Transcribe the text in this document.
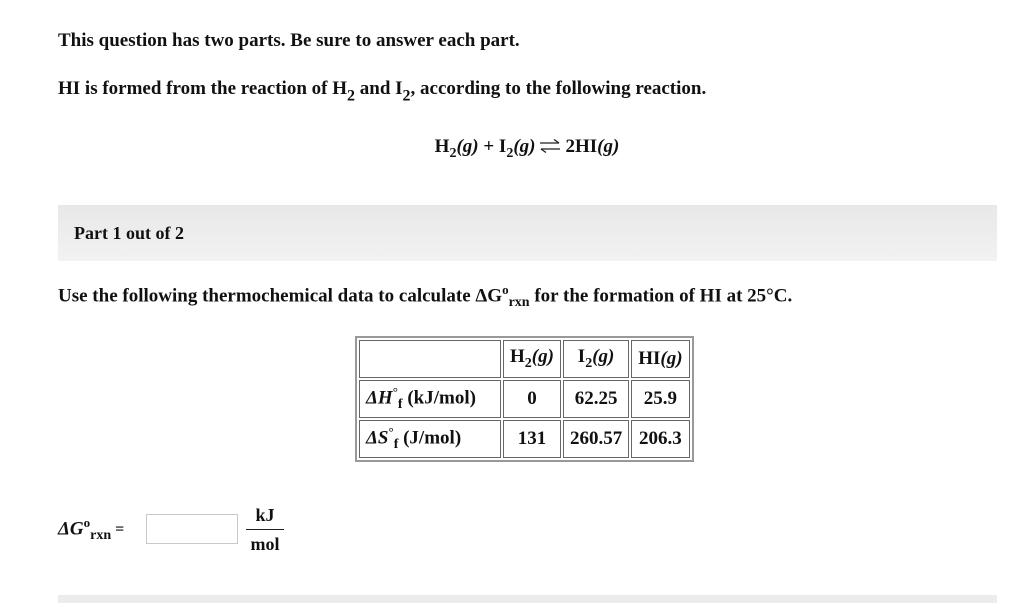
This question has two parts. Be sure to answer each part.
HI is formed from the reaction of $H_2$ and $I_2$, according to the following reaction.
$H_2(g) + I_2(g)$ ⇌ 2HI(g)
Part 1 out of 2
Use the following thermochemical data to calculate $\Delta G^o_{rxn}$ for the formation of HI at 25°C.
	$H_2(g)$	$I_2(g)$	HI(g)
$\Delta H^\circ_f$ (kJ/mol)	0	62.25	25.9
$\Delta S^\circ_f$ (J/mol)	131	260.57	206.3
$\Delta G^o_{rxn}$ =
kJ
mol
